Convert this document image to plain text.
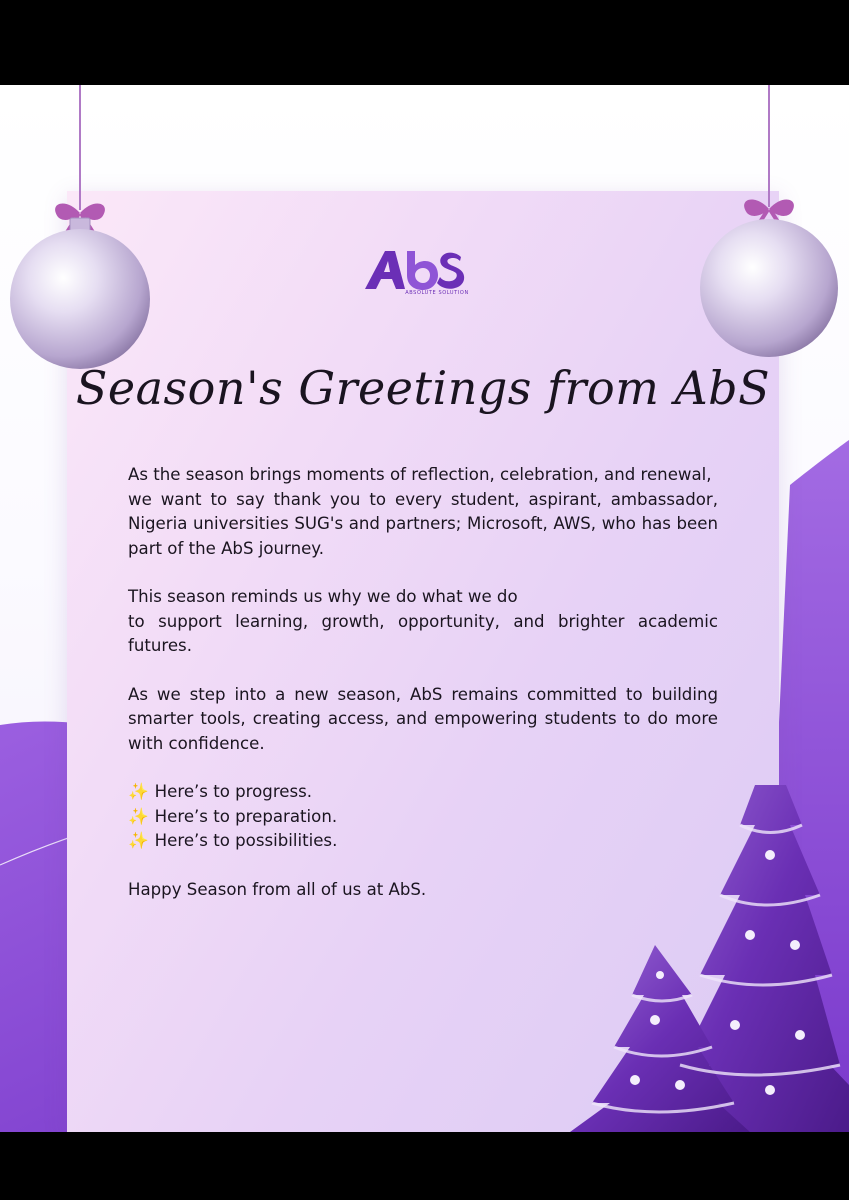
ABSOLUTE SOLUTION
Season's Greetings from AbS
As the season brings moments of reflection, celebration, and renewal,
we want to say thank you to every student, aspirant, ambassador, Nigeria universities SUG's and partners; Microsoft, AWS, who has been part of the AbS journey.
This season reminds us why we do what we do
to support learning, growth, opportunity, and brighter academic futures.
As we step into a new season, AbS remains committed to building smarter tools, creating access, and empowering students to do more with confidence.
✨ Here’s to progress.
✨ Here’s to preparation.
✨ Here’s to possibilities.
Happy Season from all of us at AbS.
